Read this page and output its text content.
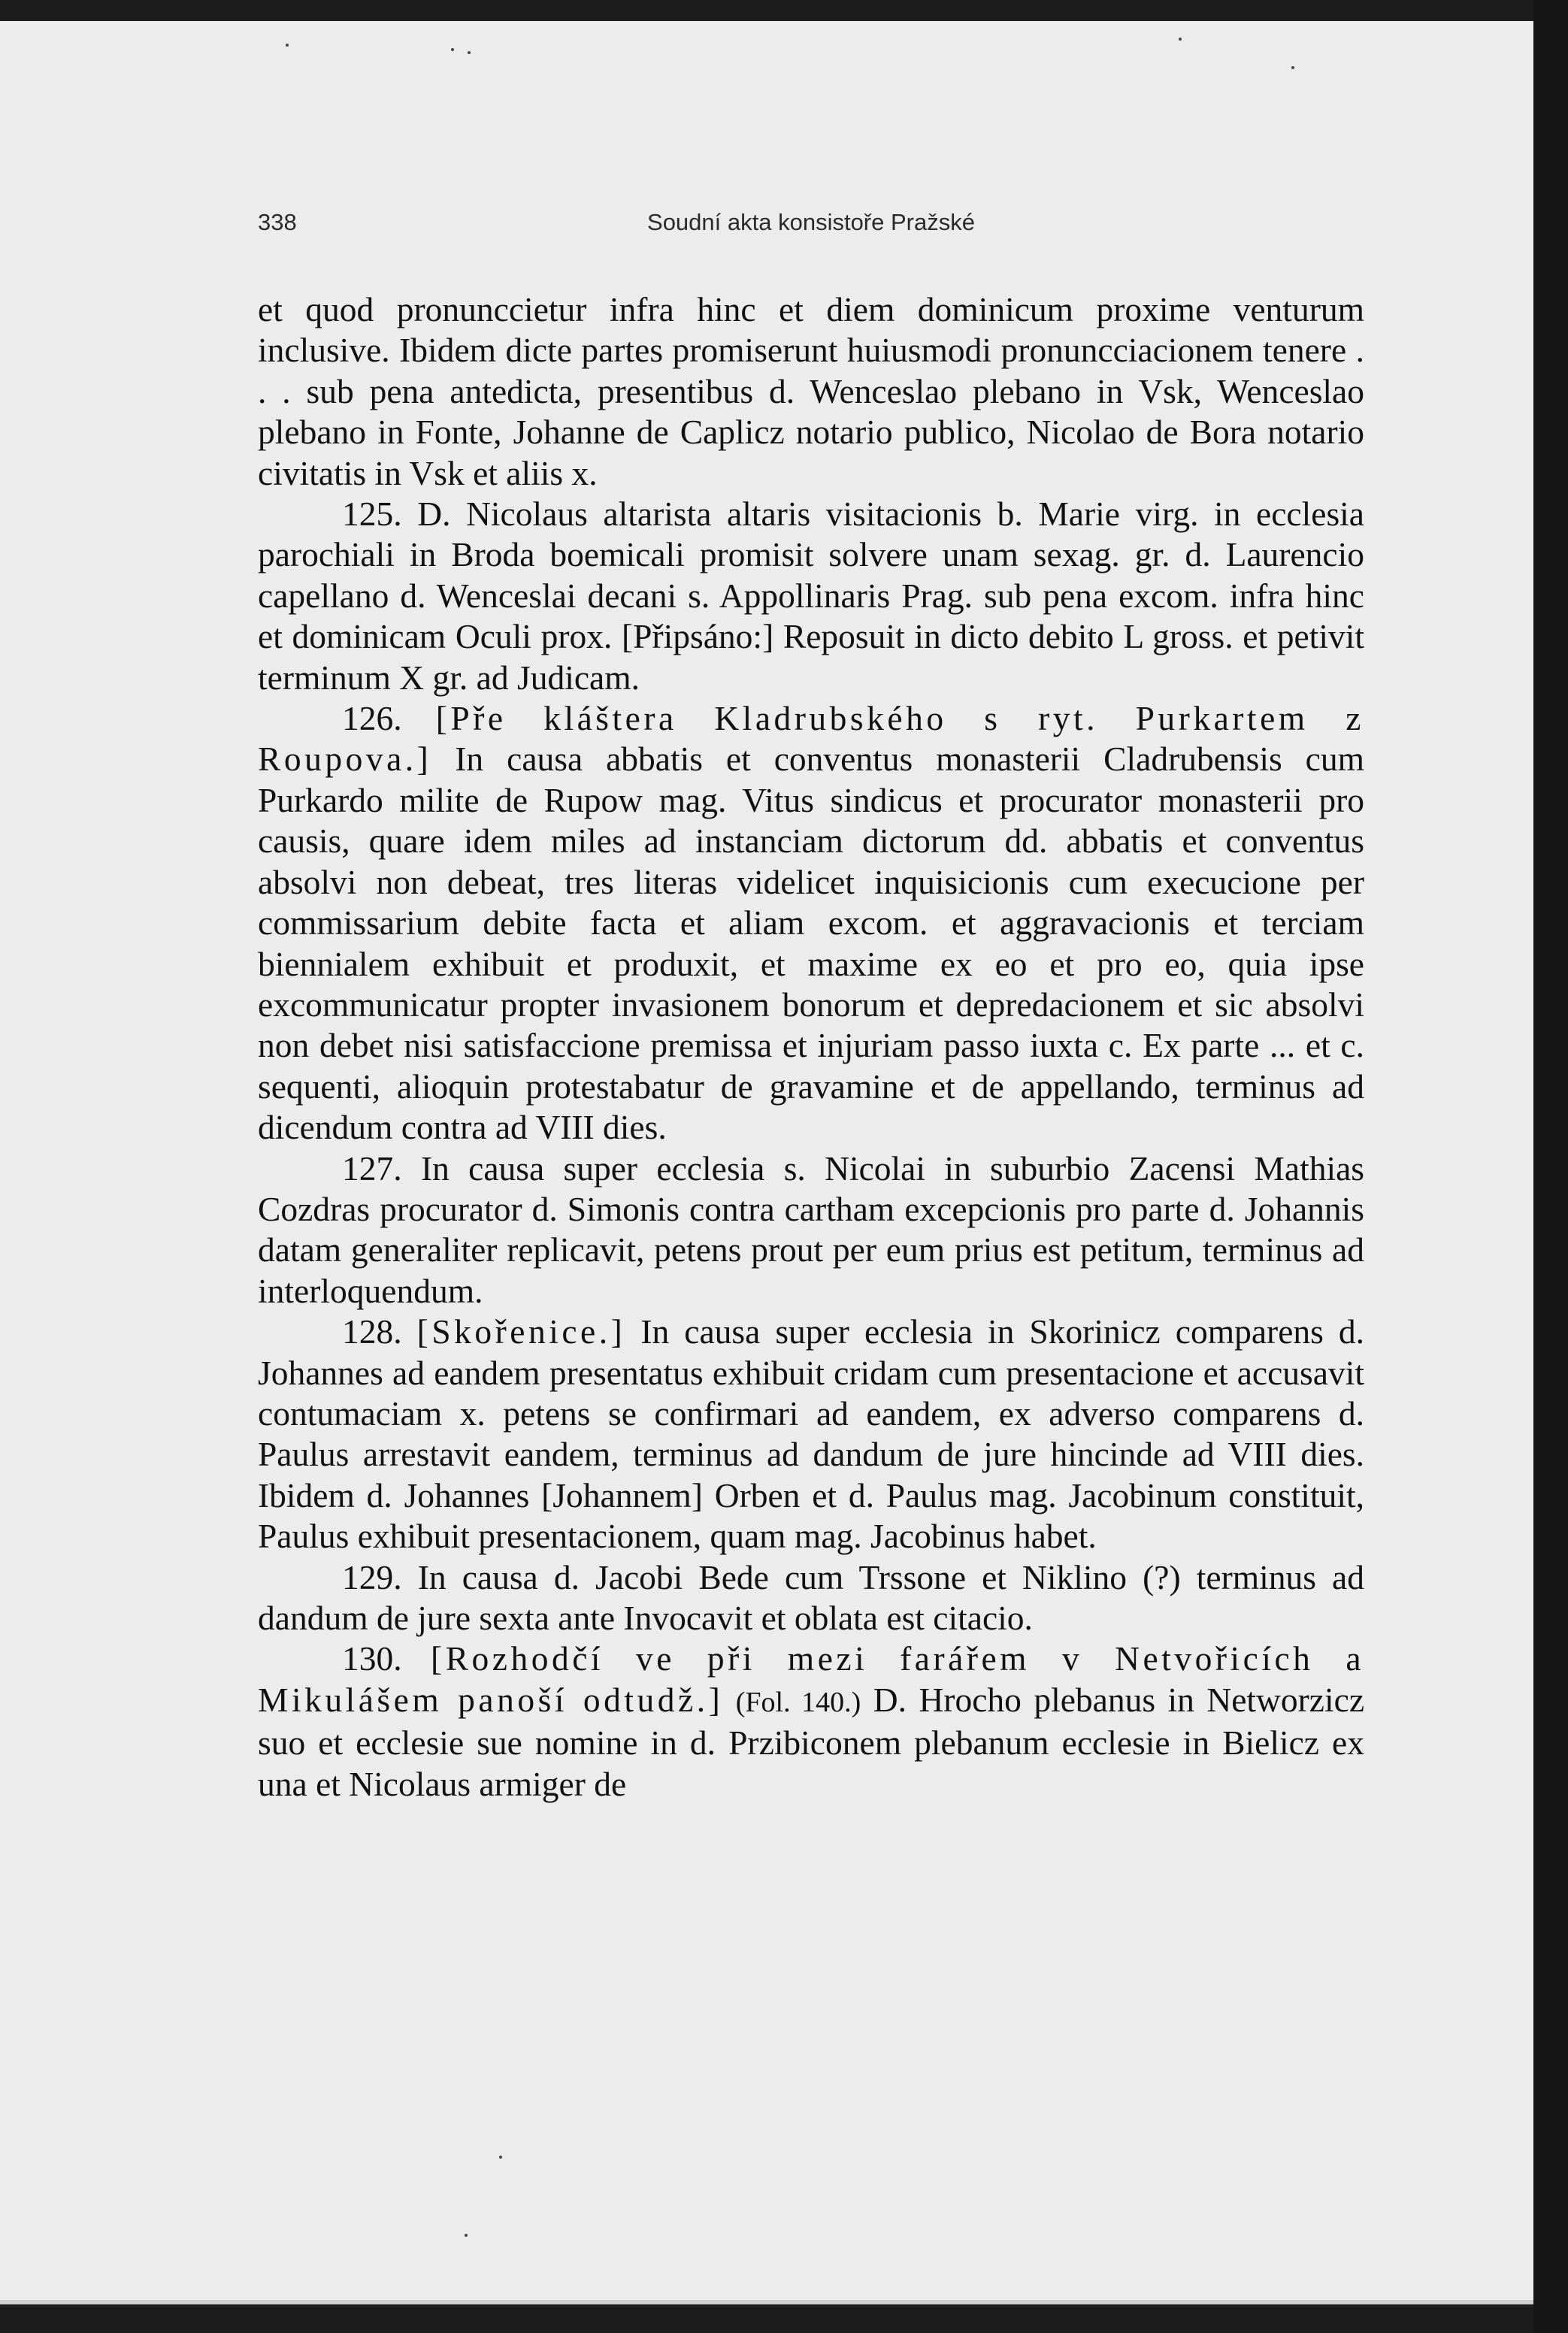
338	Soudní akta konsistoře Pražské

et quod pronunccietur infra hinc et diem dominicum proxime venturum inclusive. Ibidem dicte partes promiserunt huiusmodi pronuncciacionem tenere . . . sub pena antedicta, presentibus d. Wenceslao plebano in Vsk, Wenceslao plebano in Fonte, Johanne de Caplicz notario publico, Nicolao de Bora notario civitatis in Vsk et aliis x.

125. D. Nicolaus altarista altaris visitacionis b. Marie virg. in ecclesia parochiali in Broda boemicali promisit solvere unam sexag. gr. d. Laurencio capellano d. Wenceslai decani s. Appollinaris Prag. sub pena excom. infra hinc et dominicam Oculi prox. [Připsáno:] Reposuit in dicto debito L gross. et petivit terminum X gr. ad Judicam.

126. [Pře kláštera Kladrubského s ryt. Purkartem z Roupova.] In causa abbatis et conventus monasterii Cladrubensis cum Purkardo milite de Rupow mag. Vitus sindicus et procurator monasterii pro causis, quare idem miles ad instanciam dictorum dd. abbatis et conventus absolvi non debeat, tres literas videlicet inquisicionis cum execucione per commissarium debite facta et aliam excom. et aggravacionis et terciam biennialem exhibuit et produxit, et maxime ex eo et pro eo, quia ipse excommunicatur propter invasionem bonorum et depredacionem et sic absolvi non debet nisi satisfaccione premissa et injuriam passo iuxta c. Ex parte ... et c. sequenti, alioquin protestabatur de gravamine et de appellando, terminus ad dicendum contra ad VIII dies.

127. In causa super ecclesia s. Nicolai in suburbio Zacensi Mathias Cozdras procurator d. Simonis contra cartham excepcionis pro parte d. Johannis datam generaliter replicavit, petens prout per eum prius est petitum, terminus ad interloquendum.

128. [Skořenice.] In causa super ecclesia in Skorinicz comparens d. Johannes ad eandem presentatus exhibuit cridam cum presentacione et accusavit contumaciam x. petens se confirmari ad eandem, ex adverso comparens d. Paulus arrestavit eandem, terminus ad dandum de jure hincinde ad VIII dies. Ibidem d. Johannes [Johannem] Orben et d. Paulus mag. Jacobinum constituit, Paulus exhibuit presentacionem, quam mag. Jacobinus habet.

129. In causa d. Jacobi Bede cum Trssone et Niklino (?) terminus ad dandum de jure sexta ante Invocavit et oblata est citacio.

130. [Rozhodčí ve při mezi farářem v Netvořicích a Mikulášem panoší odtudž.] (Fol. 140.) D. Hrocho plebanus in Networzicz suo et ecclesie sue nomine in d. Przibiconem plebanum ecclesie in Bielicz ex una et Nicolaus armiger de
